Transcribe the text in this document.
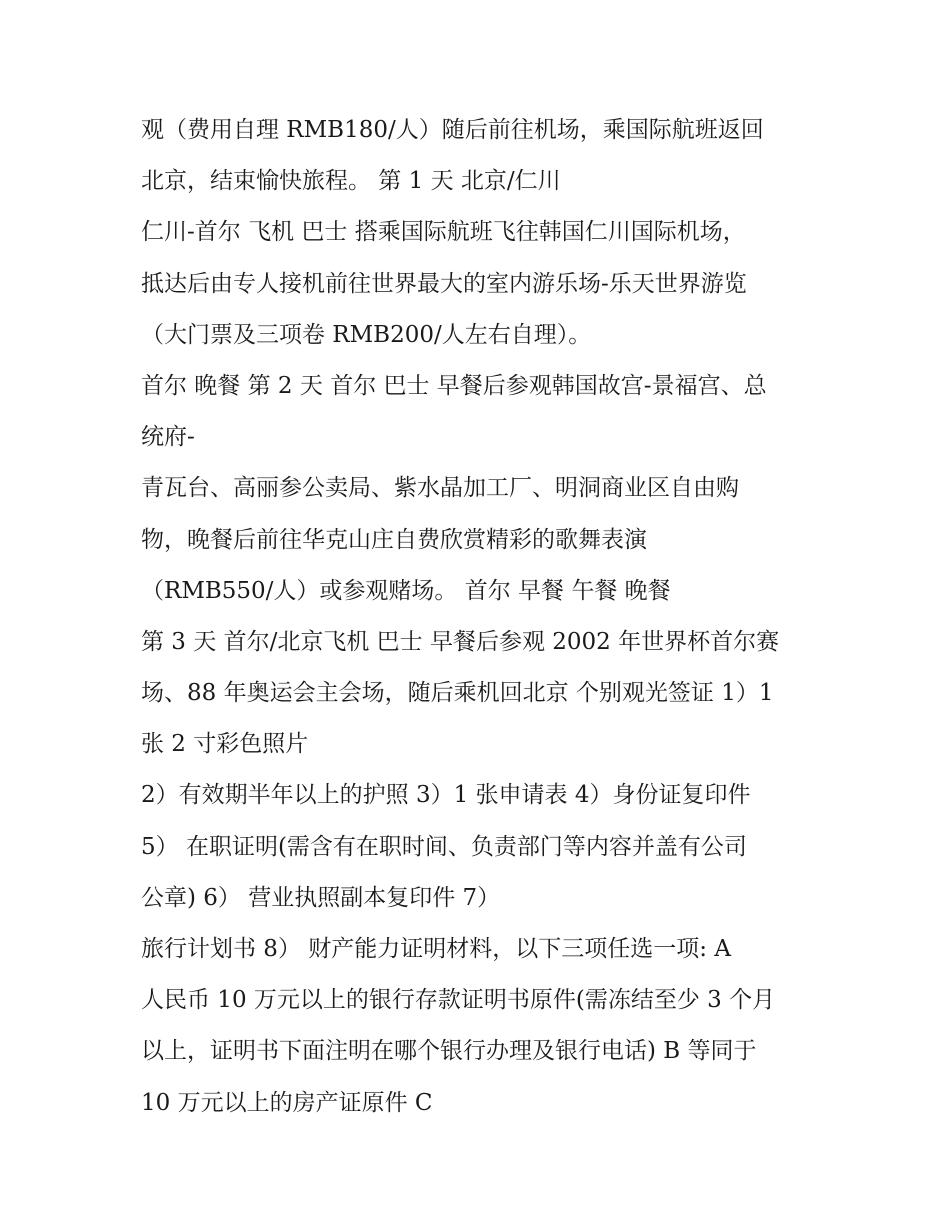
观（费用自理 RMB180/人）随后前往机场，乘国际航班返回
北京，结束愉快旅程。 第 1 天 北京/仁川
仁川-首尔 飞机 巴士 搭乘国际航班飞往韩国仁川国际机场，
抵达后由专人接机前往世界最大的室内游乐场-乐天世界游览
（大门票及三项卷 RMB200/人左右自理）。
首尔 晚餐 第 2 天 首尔 巴士 早餐后参观韩国故宫-景福宫、总
统府-
青瓦台、高丽参公卖局、紫水晶加工厂、明洞商业区自由购
物，晚餐后前往华克山庄自费欣赏精彩的歌舞表演
（RMB550/人）或参观赌场。 首尔 早餐 午餐 晚餐
第 3 天 首尔/北京飞机 巴士 早餐后参观 2002 年世界杯首尔赛
场、88 年奥运会主会场，随后乘机回北京 个别观光签证 1）1
张 2 寸彩色照片
2）有效期半年以上的护照 3）1 张申请表 4）身份证复印件
5） 在职证明(需含有在职时间、负责部门等内容并盖有公司
公章) 6） 营业执照副本复印件 7）
旅行计划书 8） 财产能力证明材料，以下三项任选一项: A
人民币 10 万元以上的银行存款证明书原件(需冻结至少 3 个月
以上，证明书下面注明在哪个银行办理及银行电话) B 等同于
10 万元以上的房产证原件 C
